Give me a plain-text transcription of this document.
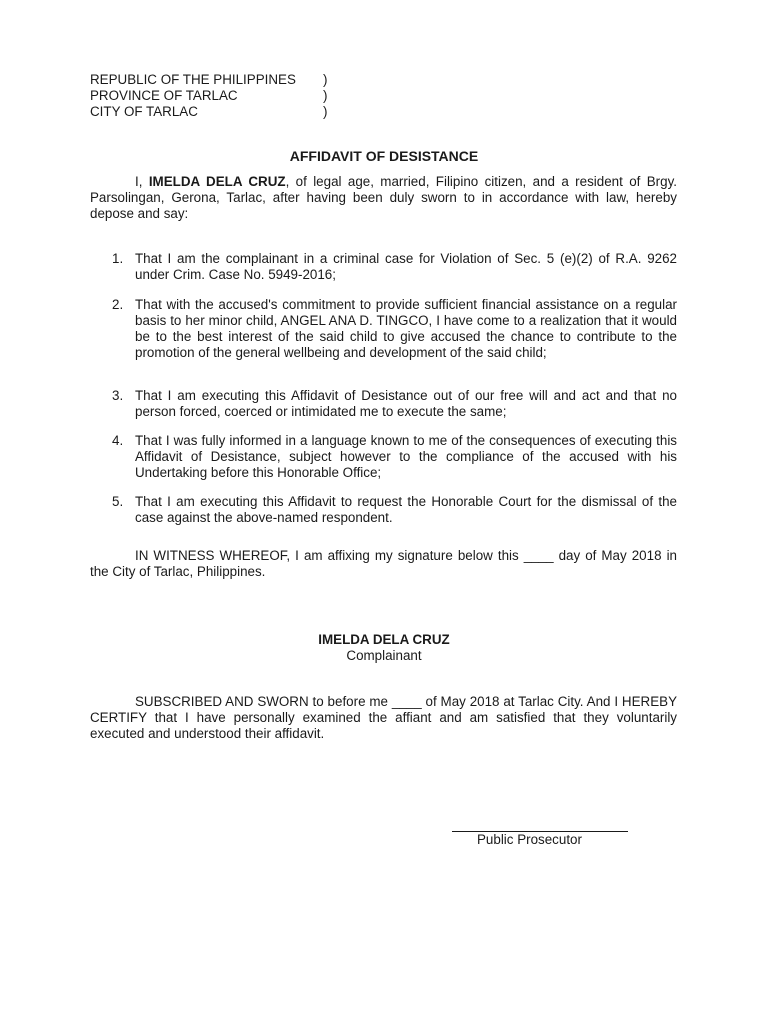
REPUBLIC OF THE PHILIPPINES	)
PROVINCE OF TARLAC	)
CITY OF TARLAC	)
AFFIDAVIT OF DESISTANCE
I, IMELDA DELA CRUZ, of legal age, married, Filipino citizen, and a resident of Brgy. Parsolingan, Gerona, Tarlac, after having been duly sworn to in accordance with law, hereby depose and say:
1. That I am the complainant in a criminal case for Violation of Sec. 5 (e)(2) of R.A. 9262 under Crim. Case No. 5949-2016;
2. That with the accused's commitment to provide sufficient financial assistance on a regular basis to her minor child, ANGEL ANA D. TINGCO, I have come to a realization that it would be to the best interest of the said child to give accused the chance to contribute to the promotion of the general wellbeing and development of the said child;
3. That I am executing this Affidavit of Desistance out of our free will and act and that no person forced, coerced or intimidated me to execute the same;
4. That I was fully informed in a language known to me of the consequences of executing this Affidavit of Desistance, subject however to the compliance of the accused with his Undertaking before this Honorable Office;
5. That I am executing this Affidavit to request the Honorable Court for the dismissal of the case against the above-named respondent.
IN WITNESS WHEREOF, I am affixing my signature below this ____ day of May 2018 in the City of Tarlac, Philippines.
IMELDA DELA CRUZ
Complainant
SUBSCRIBED AND SWORN to before me ____ of May 2018 at Tarlac City. And I HEREBY CERTIFY that I have personally examined the affiant and am satisfied that they voluntarily executed and understood their affidavit.
Public Prosecutor
